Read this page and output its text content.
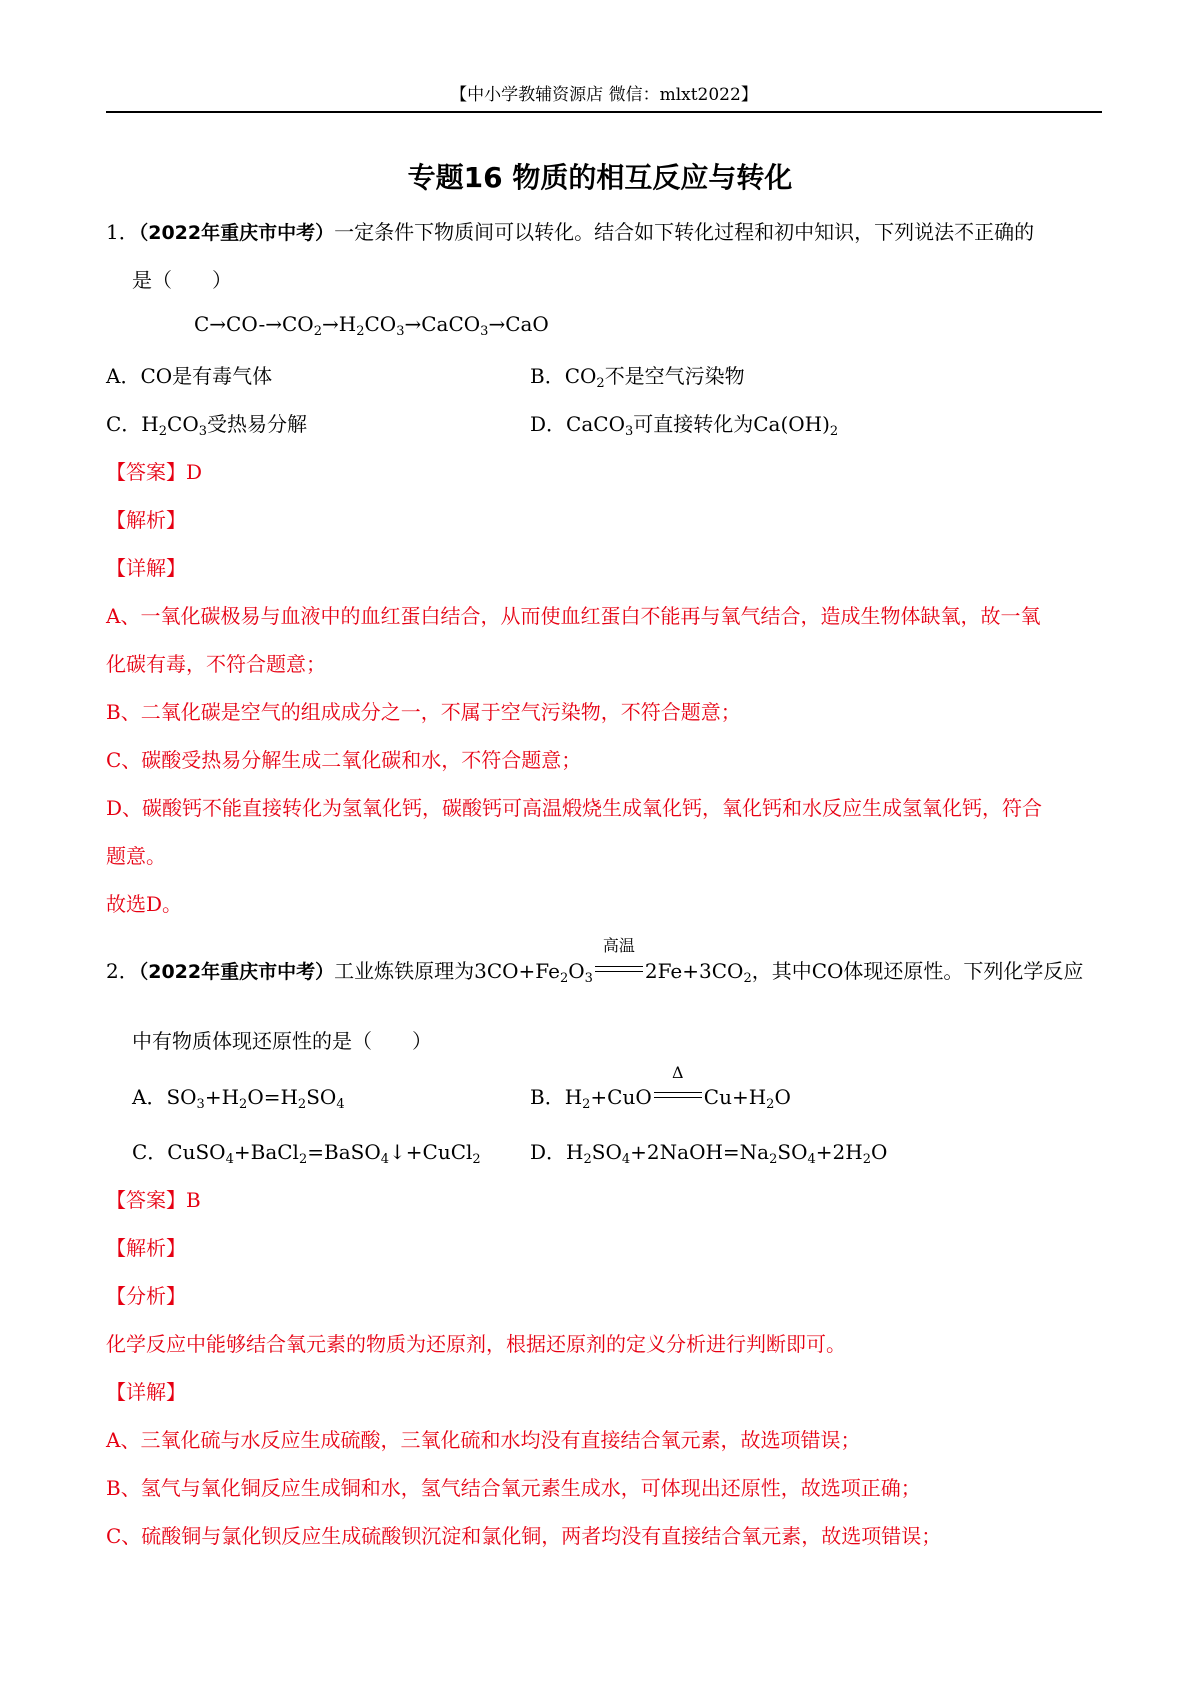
【中小学教辅资源店 微信：mlxt2022】
专题16 物质的相互反应与转化
1．（2022年重庆市中考）一定条件下物质间可以转化。结合如下转化过程和初中知识，下列说法不正确的
是（　　）
$C\to CO-\to CO_2\to H_2CO_3\to CaCO_3\to CaO$
A．CO是有毒气体	B．$CO_2$不是空气污染物
C．$H_2CO_3$受热易分解	D．CaCO$_3$可直接转化为$Ca(OH)_2$
【答案】D
【解析】
【详解】
A、一氧化碳极易与血液中的血红蛋白结合，从而使血红蛋白不能再与氧气结合，造成生物体缺氧，故一氧
化碳有毒，不符合题意；
B、二氧化碳是空气的组成成分之一，不属于空气污染物，不符合题意；
C、碳酸受热易分解生成二氧化碳和水，不符合题意；
D、碳酸钙不能直接转化为氢氧化钙，碳酸钙可高温煅烧生成氧化钙，氧化钙和水反应生成氢氧化钙，符合
题意。
故选D。
2．（2022年重庆市中考）工业炼铁原理为$3CO+Fe_2O_3$
高温
$2Fe+3CO_2$，其中CO体现还原性。下列化学反应
中有物质体现还原性的是（　　）
A．$SO_3+H_2O=H_2SO_4$	B．$H_2+CuO$
Δ
$Cu+H_2O$
C．CuSO$_4$+BaCl$_2$=BaSO$_4$↓+CuCl$_2$ D．$H_2SO_4+2NaOH=Na_2SO_4+2H_2O$
【答案】B
【解析】
【分析】
化学反应中能够结合氧元素的物质为还原剂，根据还原剂的定义分析进行判断即可。
【详解】
A、三氧化硫与水反应生成硫酸，三氧化硫和水均没有直接结合氧元素，故选项错误；
B、氢气与氧化铜反应生成铜和水，氢气结合氧元素生成水，可体现出还原性，故选项正确；
C、硫酸铜与氯化钡反应生成硫酸钡沉淀和氯化铜，两者均没有直接结合氧元素，故选项错误；
